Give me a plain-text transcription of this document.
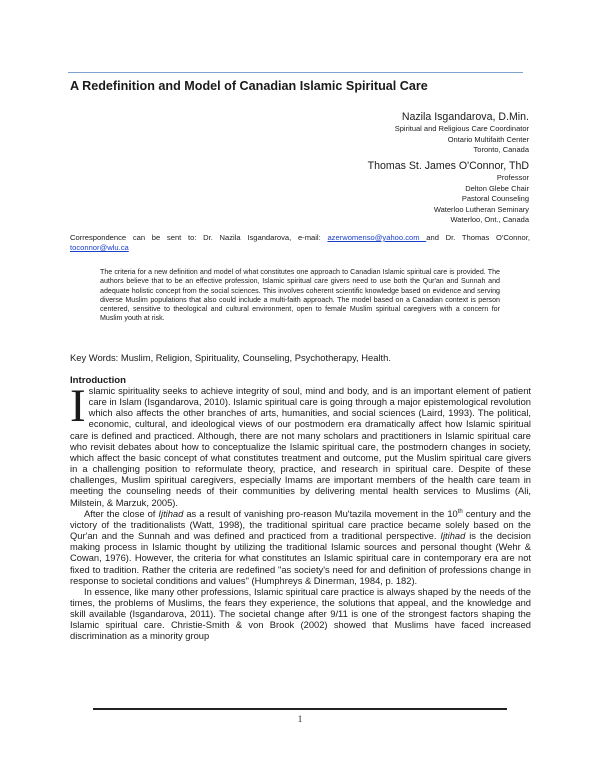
A Redefinition and Model of Canadian Islamic Spiritual Care
Nazila Isgandarova, D.Min.
Spiritual and Religious Care Coordinator
Ontario Multifaith Center
Toronto, Canada
Thomas St. James O'Connor, ThD
Professor
Delton Glebe Chair
Pastoral Counseling
Waterloo Lutheran Seminary
Waterloo, Ont., Canada
Correspondence can be sent to: Dr. Nazila Isgandarova, e-mail: azerwomenso@yahoo.com and Dr. Thomas O'Connor, toconnor@wlu.ca
The criteria for a new definition and model of what constitutes one approach to Canadian Islamic spiritual care is provided. The authors believe that to be an effective profession, Islamic spiritual care givers need to use both the Qur'an and Sunnah and adequate holistic concept from the social sciences. This involves coherent scientific knowledge based on evidence and serving diverse Muslim populations that also could include a multi-faith approach. The model based on a Canadian context is person centered, sensitive to theological and cultural environment, open to female Muslim spiritual caregivers with a concern for Muslim youth at risk.
Key Words: Muslim, Religion, Spirituality, Counseling, Psychotherapy, Health.
Introduction

Islamic spirituality seeks to achieve integrity of soul, mind and body, and is an important element of patient care in Islam (Isgandarova, 2010). Islamic spiritual care is going through a major epistemological revolution which also affects the other branches of arts, humanities, and social sciences (Laird, 1993). The political, economic, cultural, and ideological views of our postmodern era dramatically affect how Islamic spiritual care is defined and practiced. Although, there are not many scholars and practitioners in Islamic spiritual care who revisit debates about how to conceptualize the Islamic spiritual care, the postmodern changes in society, which affect the basic concept of what constitutes treatment and outcome, put the Muslim spiritual care givers in a challenging position to reformulate theory, practice, and research in spiritual care. Despite of these challenges, Muslim spiritual caregivers, especially Imams are important members of the health care team in meeting the counseling needs of their communities by delivering mental health services to Muslims (Ali, Milstein, & Marzuk, 2005).

After the close of Ijtihad as a result of vanishing pro-reason Mu'tazila movement in the 10th century and the victory of the traditionalists (Watt, 1998), the traditional spiritual care practice became solely based on the Qur'an and the Sunnah and was defined and practiced from a traditional perspective. Ijtihad is the decision making process in Islamic thought by utilizing the traditional Islamic sources and personal thought (Wehr & Cowan, 1976). However, the criteria for what constitutes an Islamic spiritual care in contemporary era are not fixed to tradition. Rather the criteria are redefined "as society's need for and definition of professions change in response to societal conditions and values" (Humphreys & Dinerman, 1984, p. 182).

In essence, like many other professions, Islamic spiritual care practice is always shaped by the needs of the times, the problems of Muslims, the fears they experience, the solutions that appeal, and the knowledge and skill available (Isgandarova, 2011). The societal change after 9/11 is one of the strongest factors shaping the Islamic spiritual care. Christie-Smith & von Brook (2002) showed that Muslims have faced increased discrimination as a minority group

1
